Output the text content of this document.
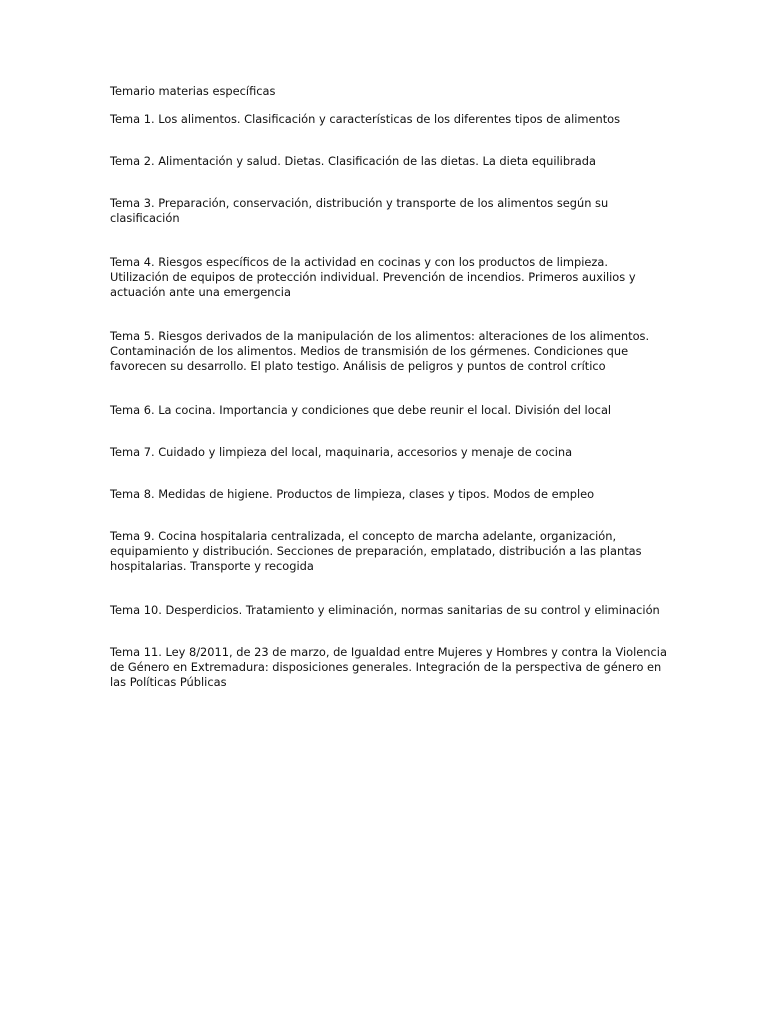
Temario materias específicas

Tema 1. Los alimentos. Clasificación y características de los diferentes tipos de alimentos

Tema 2. Alimentación y salud. Dietas. Clasificación de las dietas. La dieta equilibrada

Tema 3. Preparación, conservación, distribución y transporte de los alimentos según su clasificación

Tema 4. Riesgos específicos de la actividad en cocinas y con los productos de limpieza. Utilización de equipos de protección individual. Prevención de incendios. Primeros auxilios y actuación ante una emergencia

Tema 5. Riesgos derivados de la manipulación de los alimentos: alteraciones de los alimentos. Contaminación de los alimentos. Medios de transmisión de los gérmenes. Condiciones que favorecen su desarrollo. El plato testigo. Análisis de peligros y puntos de control crítico

Tema 6. La cocina. Importancia y condiciones que debe reunir el local. División del local

Tema 7. Cuidado y limpieza del local, maquinaria, accesorios y menaje de cocina

Tema 8. Medidas de higiene. Productos de limpieza, clases y tipos. Modos de empleo

Tema 9. Cocina hospitalaria centralizada, el concepto de marcha adelante, organización, equipamiento y distribución. Secciones de preparación, emplatado, distribución a las plantas hospitalarias. Transporte y recogida

Tema 10. Desperdicios. Tratamiento y eliminación, normas sanitarias de su control y eliminación

Tema 11. Ley 8/2011, de 23 de marzo, de Igualdad entre Mujeres y Hombres y contra la Violencia de Género en Extremadura: disposiciones generales. Integración de la perspectiva de género en las Políticas Públicas
